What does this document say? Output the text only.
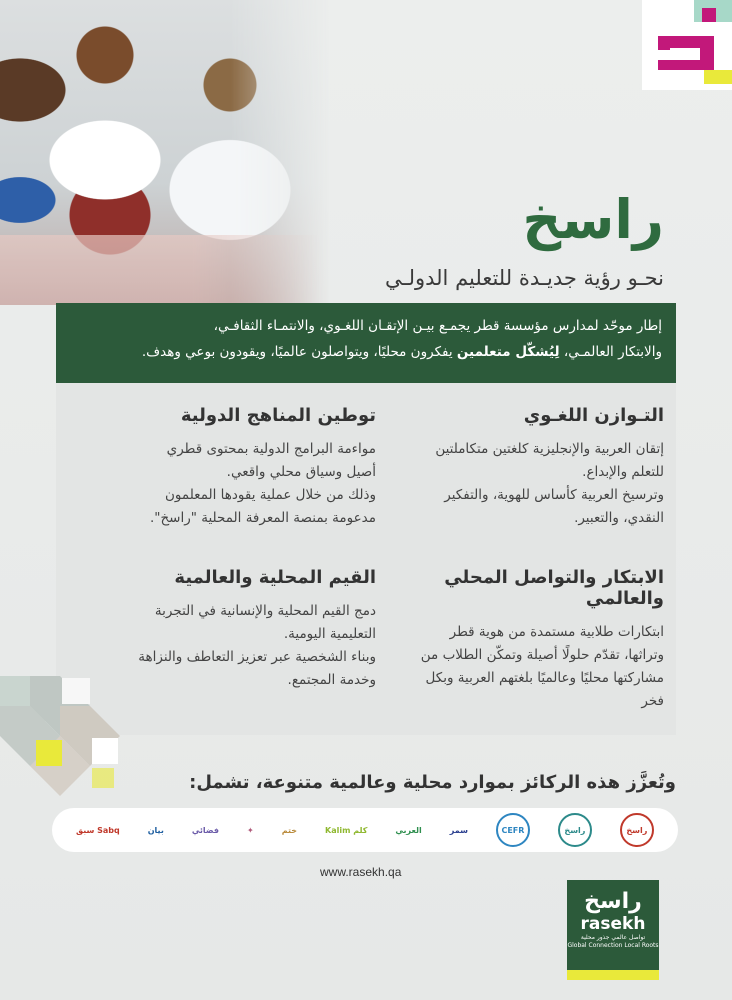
راسخ
نحـو رؤية جديـدة للتعليم الدولـي
إطار موحّد لمدارس مؤسسة قطر يجمـع بيـن الإتقـان اللغـوي، والانتمـاء الثقافـي،
والابتكار العالمـي، لِيُشكّل متعلمين يفكرون محليًا، ويتواصلون عالميًا، ويقودون بوعي وهدف.
التـوازن اللغـوي

إتقان العربية والإنجليزية كلغتين متكاملتين
للتعلم والإبداع.
وترسيخ العربية كأساس للهوية، والتفكير
النقدي، والتعبير.

توطين المناهج الدولية

مواءمة البرامج الدولية بمحتوى قطري
أصيل وسياق محلي واقعي.
وذلك من خلال عملية يقودها المعلمون
مدعومة بمنصة المعرفة المحلية "راسخ".

الابتكار والتواصل المحلي والعالمي

ابتكارات طلابية مستمدة من هوية قطر
وتراثها، تقدّم حلولًا أصيلة وتمكّن الطلاب من
مشاركتها محليًا وعالميًا بلغتهم العربية وبكل
فخر

القيم المحلية والعالمية

دمج القيم المحلية والإنسانية في التجربة
التعليمية اليومية.
وبناء الشخصية عبر تعزيز التعاطف والنزاهة
وخدمة المجتمع.

وتُعزَّز هذه الركائز بموارد محلية وعالمية متنوعة، تشمل:
سبق Sabq	بيان	فضائي	✦	ختم	Kalim كلم	العربي	سمر	CEFR	راسخ	راسخ
www.rasekh.qa
راسخ
rasekh
تواصل عالمي جذور محلية
Global Connection Local Roots
